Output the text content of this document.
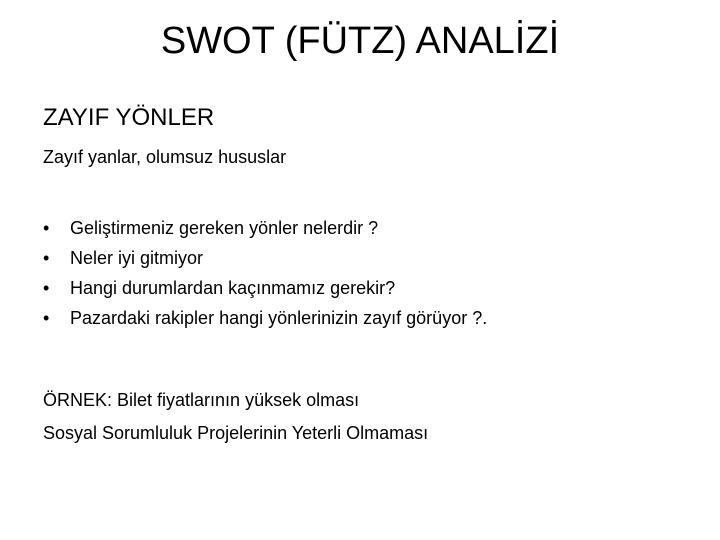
SWOT (FÜTZ) ANALİZİ
ZAYIF YÖNLER
Zayıf yanlar, olumsuz hususlar
•	Geliştirmeniz gereken yönler nelerdir ?
•	Neler iyi gitmiyor
•	Hangi durumlardan kaçınmamız gerekir?
•	Pazardaki rakipler hangi yönlerinizin zayıf görüyor ?.
ÖRNEK: Bilet fiyatlarının yüksek olması
Sosyal Sorumluluk Projelerinin Yeterli Olmaması
